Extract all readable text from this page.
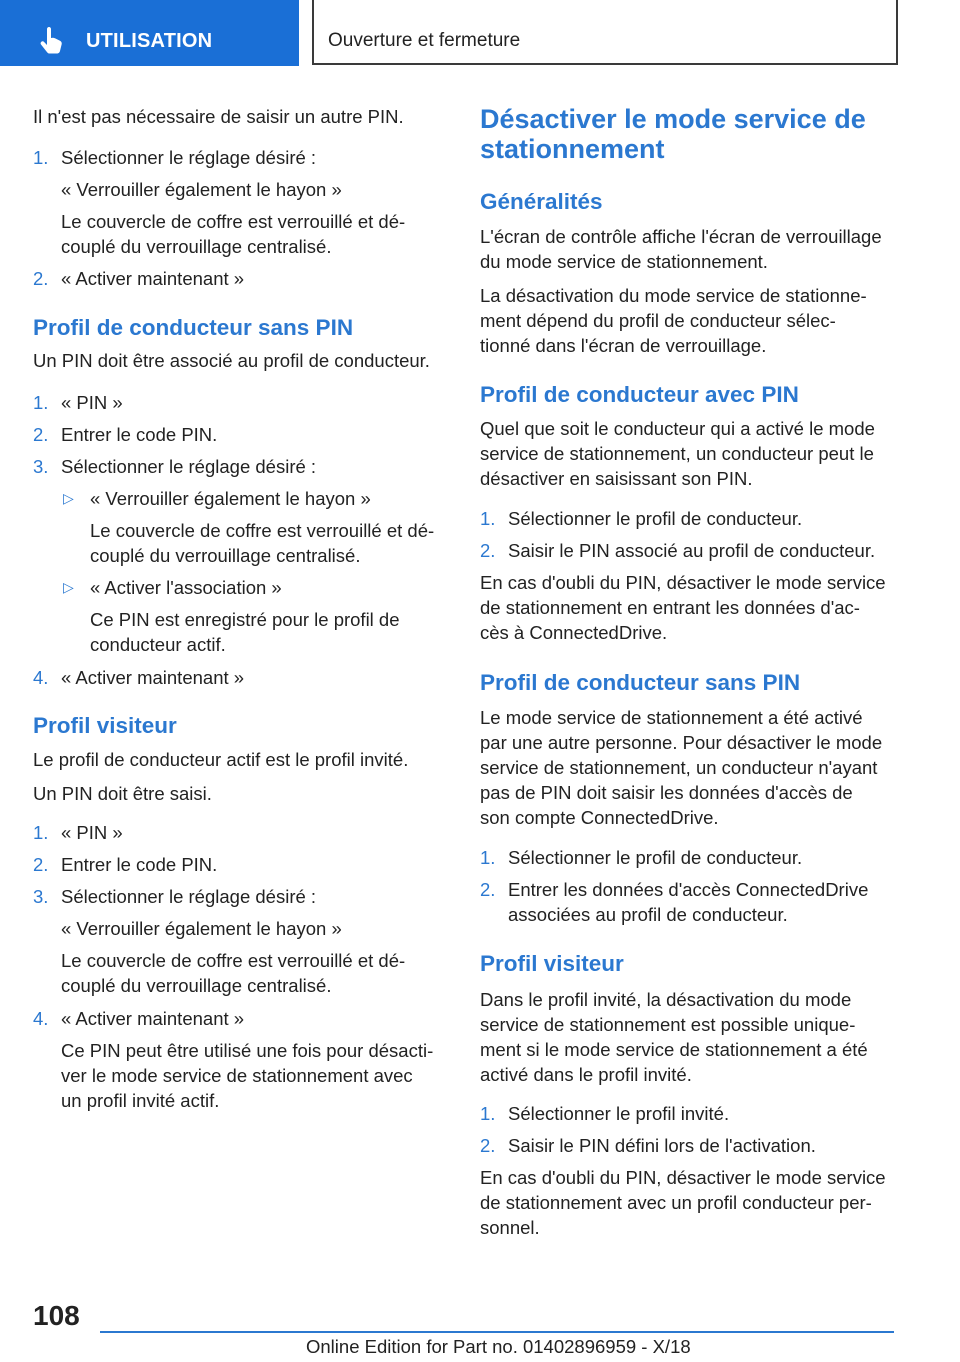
UTILISATION	Ouverture et fermeture
Il n'est pas nécessaire de saisir un autre PIN.
1. Sélectionner le réglage désiré :
« Verrouiller également le hayon »
Le couvercle de coffre est verrouillé et dé‐
couplé du verrouillage centralisé.
2. « Activer maintenant »
Profil de conducteur sans PIN
Un PIN doit être associé au profil de conducteur.
1. « PIN »
2. Entrer le code PIN.
3. Sélectionner le réglage désiré :
▷ « Verrouiller également le hayon »
Le couvercle de coffre est verrouillé et dé‐
couplé du verrouillage centralisé.
▷ « Activer l'association »
Ce PIN est enregistré pour le profil de
conducteur actif.
4. « Activer maintenant »
Profil visiteur
Le profil de conducteur actif est le profil invité.
Un PIN doit être saisi.
1. « PIN »
2. Entrer le code PIN.
3. Sélectionner le réglage désiré :
« Verrouiller également le hayon »
Le couvercle de coffre est verrouillé et dé‐
couplé du verrouillage centralisé.
4. « Activer maintenant »
Ce PIN peut être utilisé une fois pour désacti‐
ver le mode service de stationnement avec
un profil invité actif.
Désactiver le mode service de
stationnement
Généralités
L'écran de contrôle affiche l'écran de verrouillage
du mode service de stationnement.
La désactivation du mode service de stationne‐
ment dépend du profil de conducteur sélec‐
tionné dans l'écran de verrouillage.
Profil de conducteur avec PIN
Quel que soit le conducteur qui a activé le mode
service de stationnement, un conducteur peut le
désactiver en saisissant son PIN.
1. Sélectionner le profil de conducteur.
2. Saisir le PIN associé au profil de conducteur.
En cas d'oubli du PIN, désactiver le mode service
de stationnement en entrant les données d'ac‐
cès à ConnectedDrive.
Profil de conducteur sans PIN
Le mode service de stationnement a été activé
par une autre personne. Pour désactiver le mode
service de stationnement, un conducteur n'ayant
pas de PIN doit saisir les données d'accès de
son compte ConnectedDrive.
1. Sélectionner le profil de conducteur.
2. Entrer les données d'accès ConnectedDrive
associées au profil de conducteur.
Profil visiteur
Dans le profil invité, la désactivation du mode
service de stationnement est possible unique‐
ment si le mode service de stationnement a été
activé dans le profil invité.
1. Sélectionner le profil invité.
2. Saisir le PIN défini lors de l'activation.
En cas d'oubli du PIN, désactiver le mode service
de stationnement avec un profil conducteur per‐
sonnel.
108
Online Edition for Part no. 01402896959 - X/18
